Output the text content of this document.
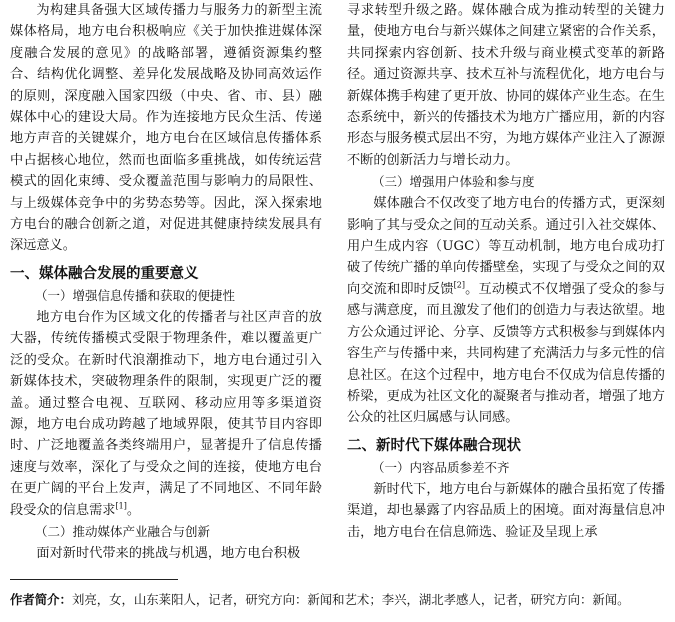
为构建具备强大区域传播力与服务力的新型主流媒体格局，地方电台积极响应《关于加快推进媒体深度融合发展的意见》的战略部署，遵循资源集约整合、结构优化调整、差异化发展战略及协同高效运作的原则，深度融入国家四级（中央、省、市、县）融媒体中心的建设大局。作为连接地方民众生活、传递地方声音的关键媒介，地方电台在区域信息传播体系中占据核心地位，然而也面临多重挑战，如传统运营模式的固化束缚、受众覆盖范围与影响力的局限性、与上级媒体竞争中的劣势态势等。因此，深入探索地方电台的融合创新之道，对促进其健康持续发展具有深远意义。

一、媒体融合发展的重要意义
（一）增强信息传播和获取的便捷性

地方电台作为区域文化的传播者与社区声音的放大器，传统传播模式受限于物理条件，难以覆盖更广泛的受众。在新时代浪潮推动下，地方电台通过引入新媒体技术，突破物理条件的限制，实现更广泛的覆盖。通过整合电视、互联网、移动应用等多渠道资源，地方电台成功跨越了地域界限，使其节目内容即时、广泛地覆盖各类终端用户，显著提升了信息传播速度与效率，深化了与受众之间的连接，使地方电台在更广阔的平台上发声，满足了不同地区、不同年龄段受众的信息需求[1]。

（二）推动媒体产业融合与创新

面对新时代带来的挑战与机遇，地方电台积极

寻求转型升级之路。媒体融合成为推动转型的关键力量，使地方电台与新兴媒体之间建立紧密的合作关系，共同探索内容创新、技术升级与商业模式变革的新路径。通过资源共享、技术互补与流程优化，地方电台与新媒体携手构建了更开放、协同的媒体产业生态。在生态系统中，新兴的传播技术为地方广播应用，新的内容形态与服务模式层出不穷，为地方媒体产业注入了源源不断的创新活力与增长动力。

（三）增强用户体验和参与度

媒体融合不仅改变了地方电台的传播方式，更深刻影响了其与受众之间的互动关系。通过引入社交媒体、用户生成内容（UGC）等互动机制，地方电台成功打破了传统广播的单向传播壁垒，实现了与受众之间的双向交流和即时反馈[2]。互动模式不仅增强了受众的参与感与满意度，而且激发了他们的创造力与表达欲望。地方公众通过评论、分享、反馈等方式积极参与到媒体内容生产与传播中来，共同构建了充满活力与多元性的信息社区。在这个过程中，地方电台不仅成为信息传播的桥梁，更成为社区文化的凝聚者与推动者，增强了地方公众的社区归属感与认同感。

二、新时代下媒体融合现状
（一）内容品质参差不齐

新时代下，地方电台与新媒体的融合虽拓宽了传播渠道，却也暴露了内容品质上的困境。面对海量信息冲击，地方电台在信息筛选、验证及呈现上承

作者简介：刘亮，女，山东莱阳人，记者，研究方向：新闻和艺术；李兴，湖北孝感人，记者，研究方向：新闻。
